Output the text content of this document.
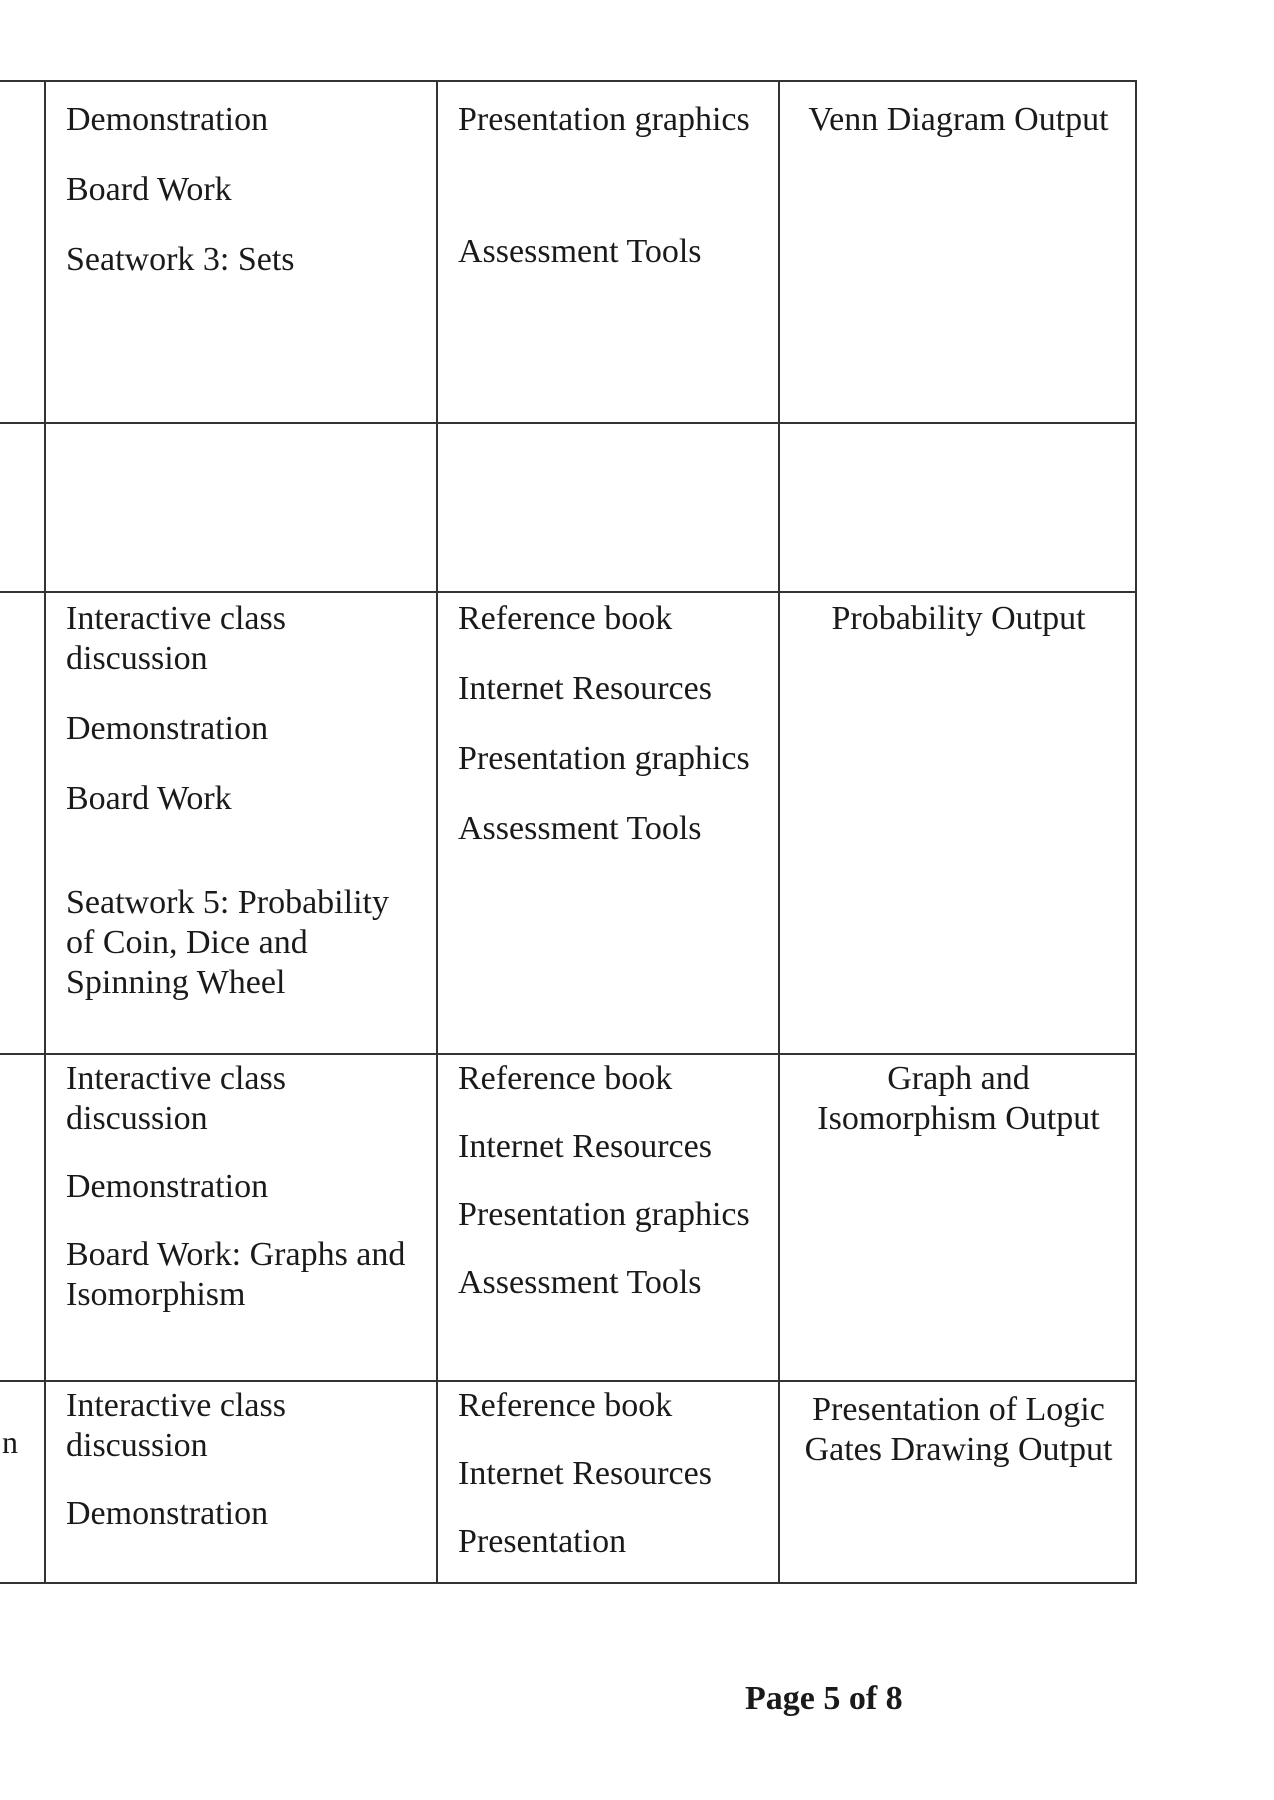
Demonstration

Board Work

Seatwork 3: Sets

Presentation graphics

Assessment Tools

Venn Diagram Output

Interactive class discussion

Demonstration

Board Work

Seatwork 5: Probability of Coin, Dice and Spinning Wheel

Reference book

Internet Resources

Presentation graphics

Assessment Tools

Probability Output

Interactive class discussion

Demonstration

Board Work: Graphs and Isomorphism

Reference book

Internet Resources

Presentation graphics

Assessment Tools

Graph and Isomorphism Output

n

Interactive class discussion

Demonstration

Reference book

Internet Resources

Presentation

Presentation of Logic Gates Drawing Output

Page 5 of 8
